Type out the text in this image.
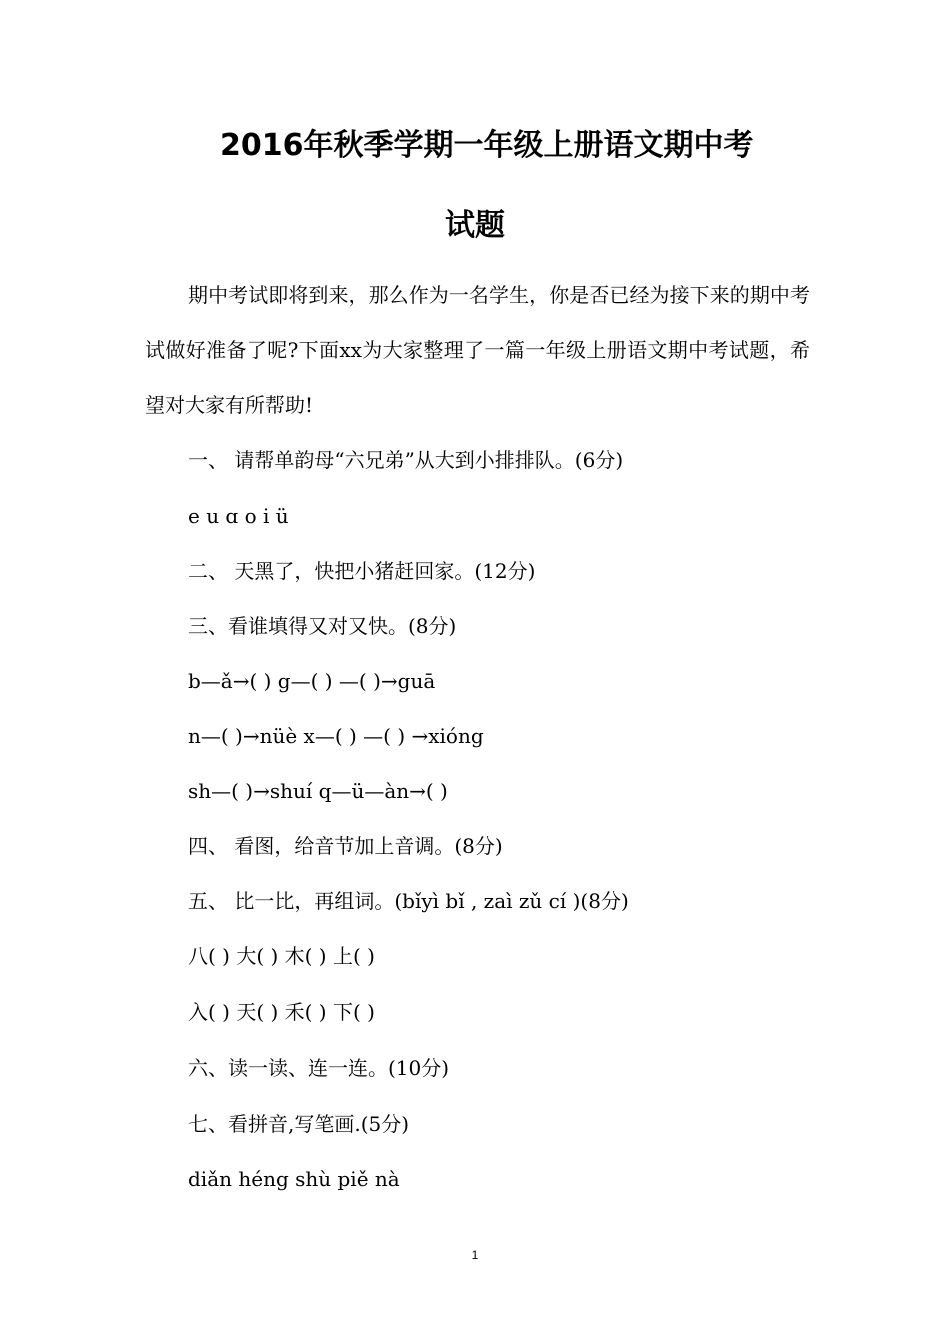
2016年秋季学期一年级上册语文期中考
试题
期中考试即将到来，那么作为一名学生，你是否已经为接下来的期中考试做好准备了呢?下面xx为大家整理了一篇一年级上册语文期中考试题，希望对大家有所帮助!
一、 请帮单韵母“六兄弟”从大到小排排队。(6分)
e u ɑ o i ü
二、 天黑了，快把小猪赶回家。(12分)
三、看谁填得又对又快。(8分)
b—ǎ→( ) g—( ) —( )→guā
n—( )→nüè x—( ) —( ) →xióng
sh—( )→shuí q—ü—àn→( )
四、 看图，给音节加上音调。(8分)
五、 比一比，再组词。(bǐyì bǐ , zaì zǔ cí )(8分)
八( ) 大( ) 木( ) 上( )
入( ) 天( ) 禾( ) 下( )
六、读一读、连一连。(10分)
七、看拼音,写笔画.(5分)
diǎn héng shù piě nà
1
